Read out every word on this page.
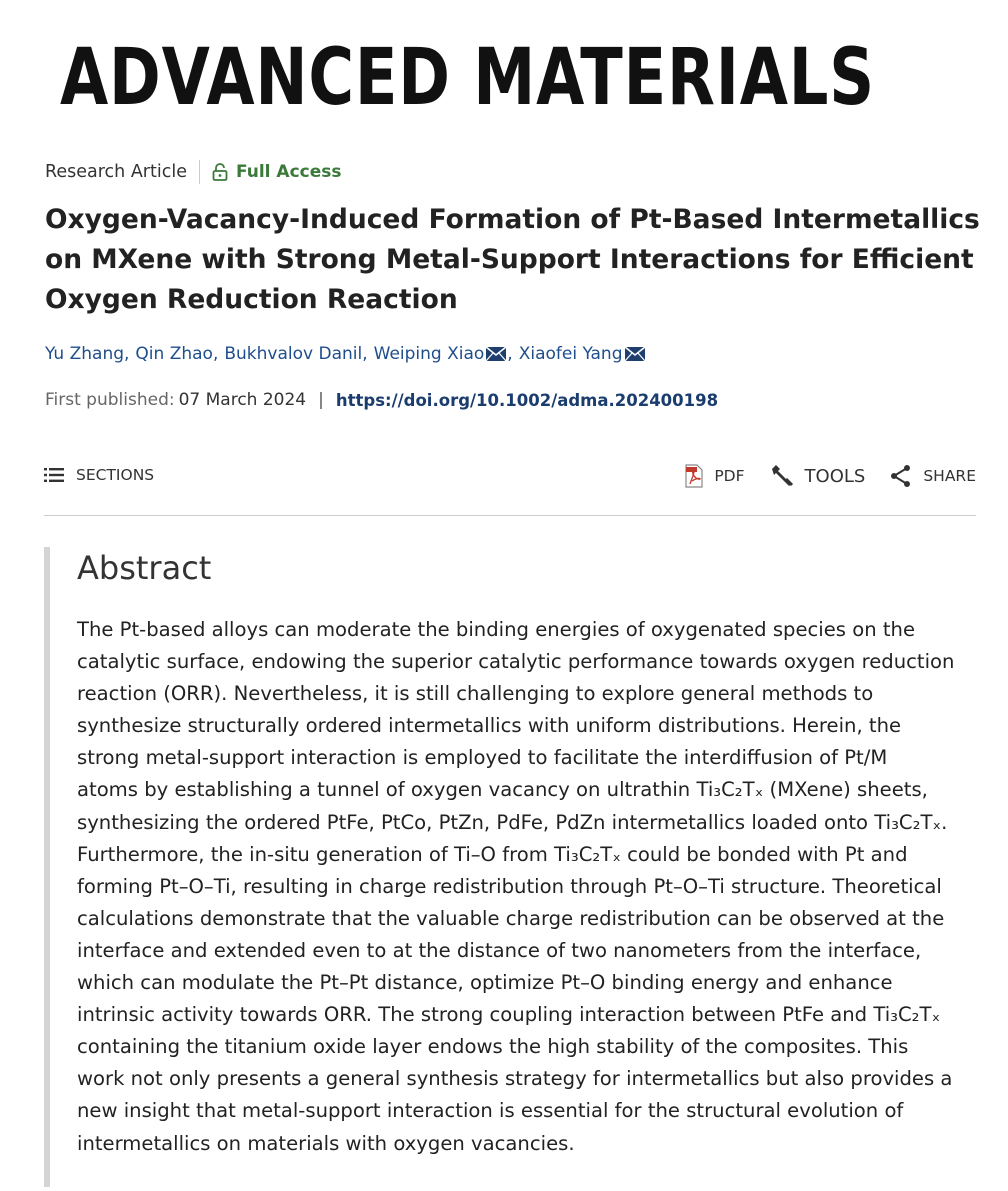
ADVANCED MATERIALS
Research Article	Full Access
Oxygen-Vacancy-Induced Formation of Pt-Based Intermetallics
on MXene with Strong Metal-Support Interactions for Efficient
Oxygen Reduction Reaction
Yu Zhang , Qin Zhao , Bukhvalov Danil , Weiping Xiao , Xiaofei Yang
First published: 07 March 2024 | https://doi.org/10.1002/adma.202400198
SECTIONS	PDF	TOOLS	SHARE
Abstract
The Pt-based alloys can moderate the binding energies of oxygenated species on the
catalytic surface, endowing the superior catalytic performance towards oxygen reduction
reaction (ORR). Nevertheless, it is still challenging to explore general methods to
synthesize structurally ordered intermetallics with uniform distributions. Herein, the
strong metal-support interaction is employed to facilitate the interdiffusion of Pt/M
atoms by establishing a tunnel of oxygen vacancy on ultrathin Ti₃C₂Tₓ (MXene) sheets,
synthesizing the ordered PtFe, PtCo, PtZn, PdFe, PdZn intermetallics loaded onto Ti₃C₂Tₓ.
Furthermore, the in-situ generation of Ti–O from Ti₃C₂Tₓ could be bonded with Pt and
forming Pt–O–Ti, resulting in charge redistribution through Pt–O–Ti structure. Theoretical
calculations demonstrate that the valuable charge redistribution can be observed at the
interface and extended even to at the distance of two nanometers from the interface,
which can modulate the Pt–Pt distance, optimize Pt–O binding energy and enhance
intrinsic activity towards ORR. The strong coupling interaction between PtFe and Ti₃C₂Tₓ
containing the titanium oxide layer endows the high stability of the composites. This
work not only presents a general synthesis strategy for intermetallics but also provides a
new insight that metal-support interaction is essential for the structural evolution of
intermetallics on materials with oxygen vacancies.
